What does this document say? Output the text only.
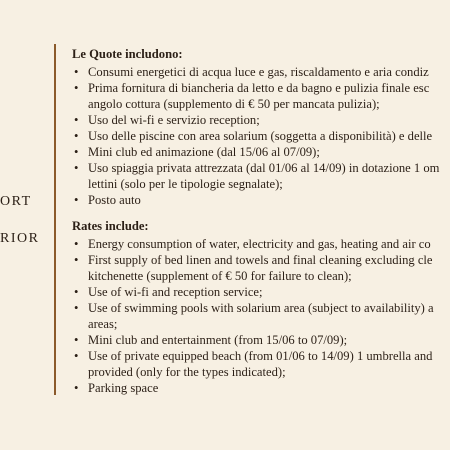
ORT
RIOR
Le Quote includono:
• Consumi energetici di acqua luce e gas, riscaldamento e aria condiz
• Prima fornitura di biancheria da letto e da bagno e pulizia finale esc
angolo cottura (supplemento di € 50 per mancata pulizia);
• Uso del wi-fi e servizio reception;
• Uso delle piscine con area solarium (soggetta a disponibilità) e delle
• Mini club ed animazione (dal 15/06 al 07/09);
• Uso spiaggia privata attrezzata (dal 01/06 al 14/09) in dotazione 1 om
lettini (solo per le tipologie segnalate);
• Posto auto
Rates include:
• Energy consumption of water, electricity and gas, heating and air co
• First supply of bed linen and towels and final cleaning excluding cle
kitchenette (supplement of € 50 for failure to clean);
• Use of wi-fi and reception service;
• Use of swimming pools with solarium area (subject to availability) a
areas;
• Mini club and entertainment (from 15/06 to 07/09);
• Use of private equipped beach (from 01/06 to 14/09) 1 umbrella and
provided (only for the types indicated);
• Parking space
